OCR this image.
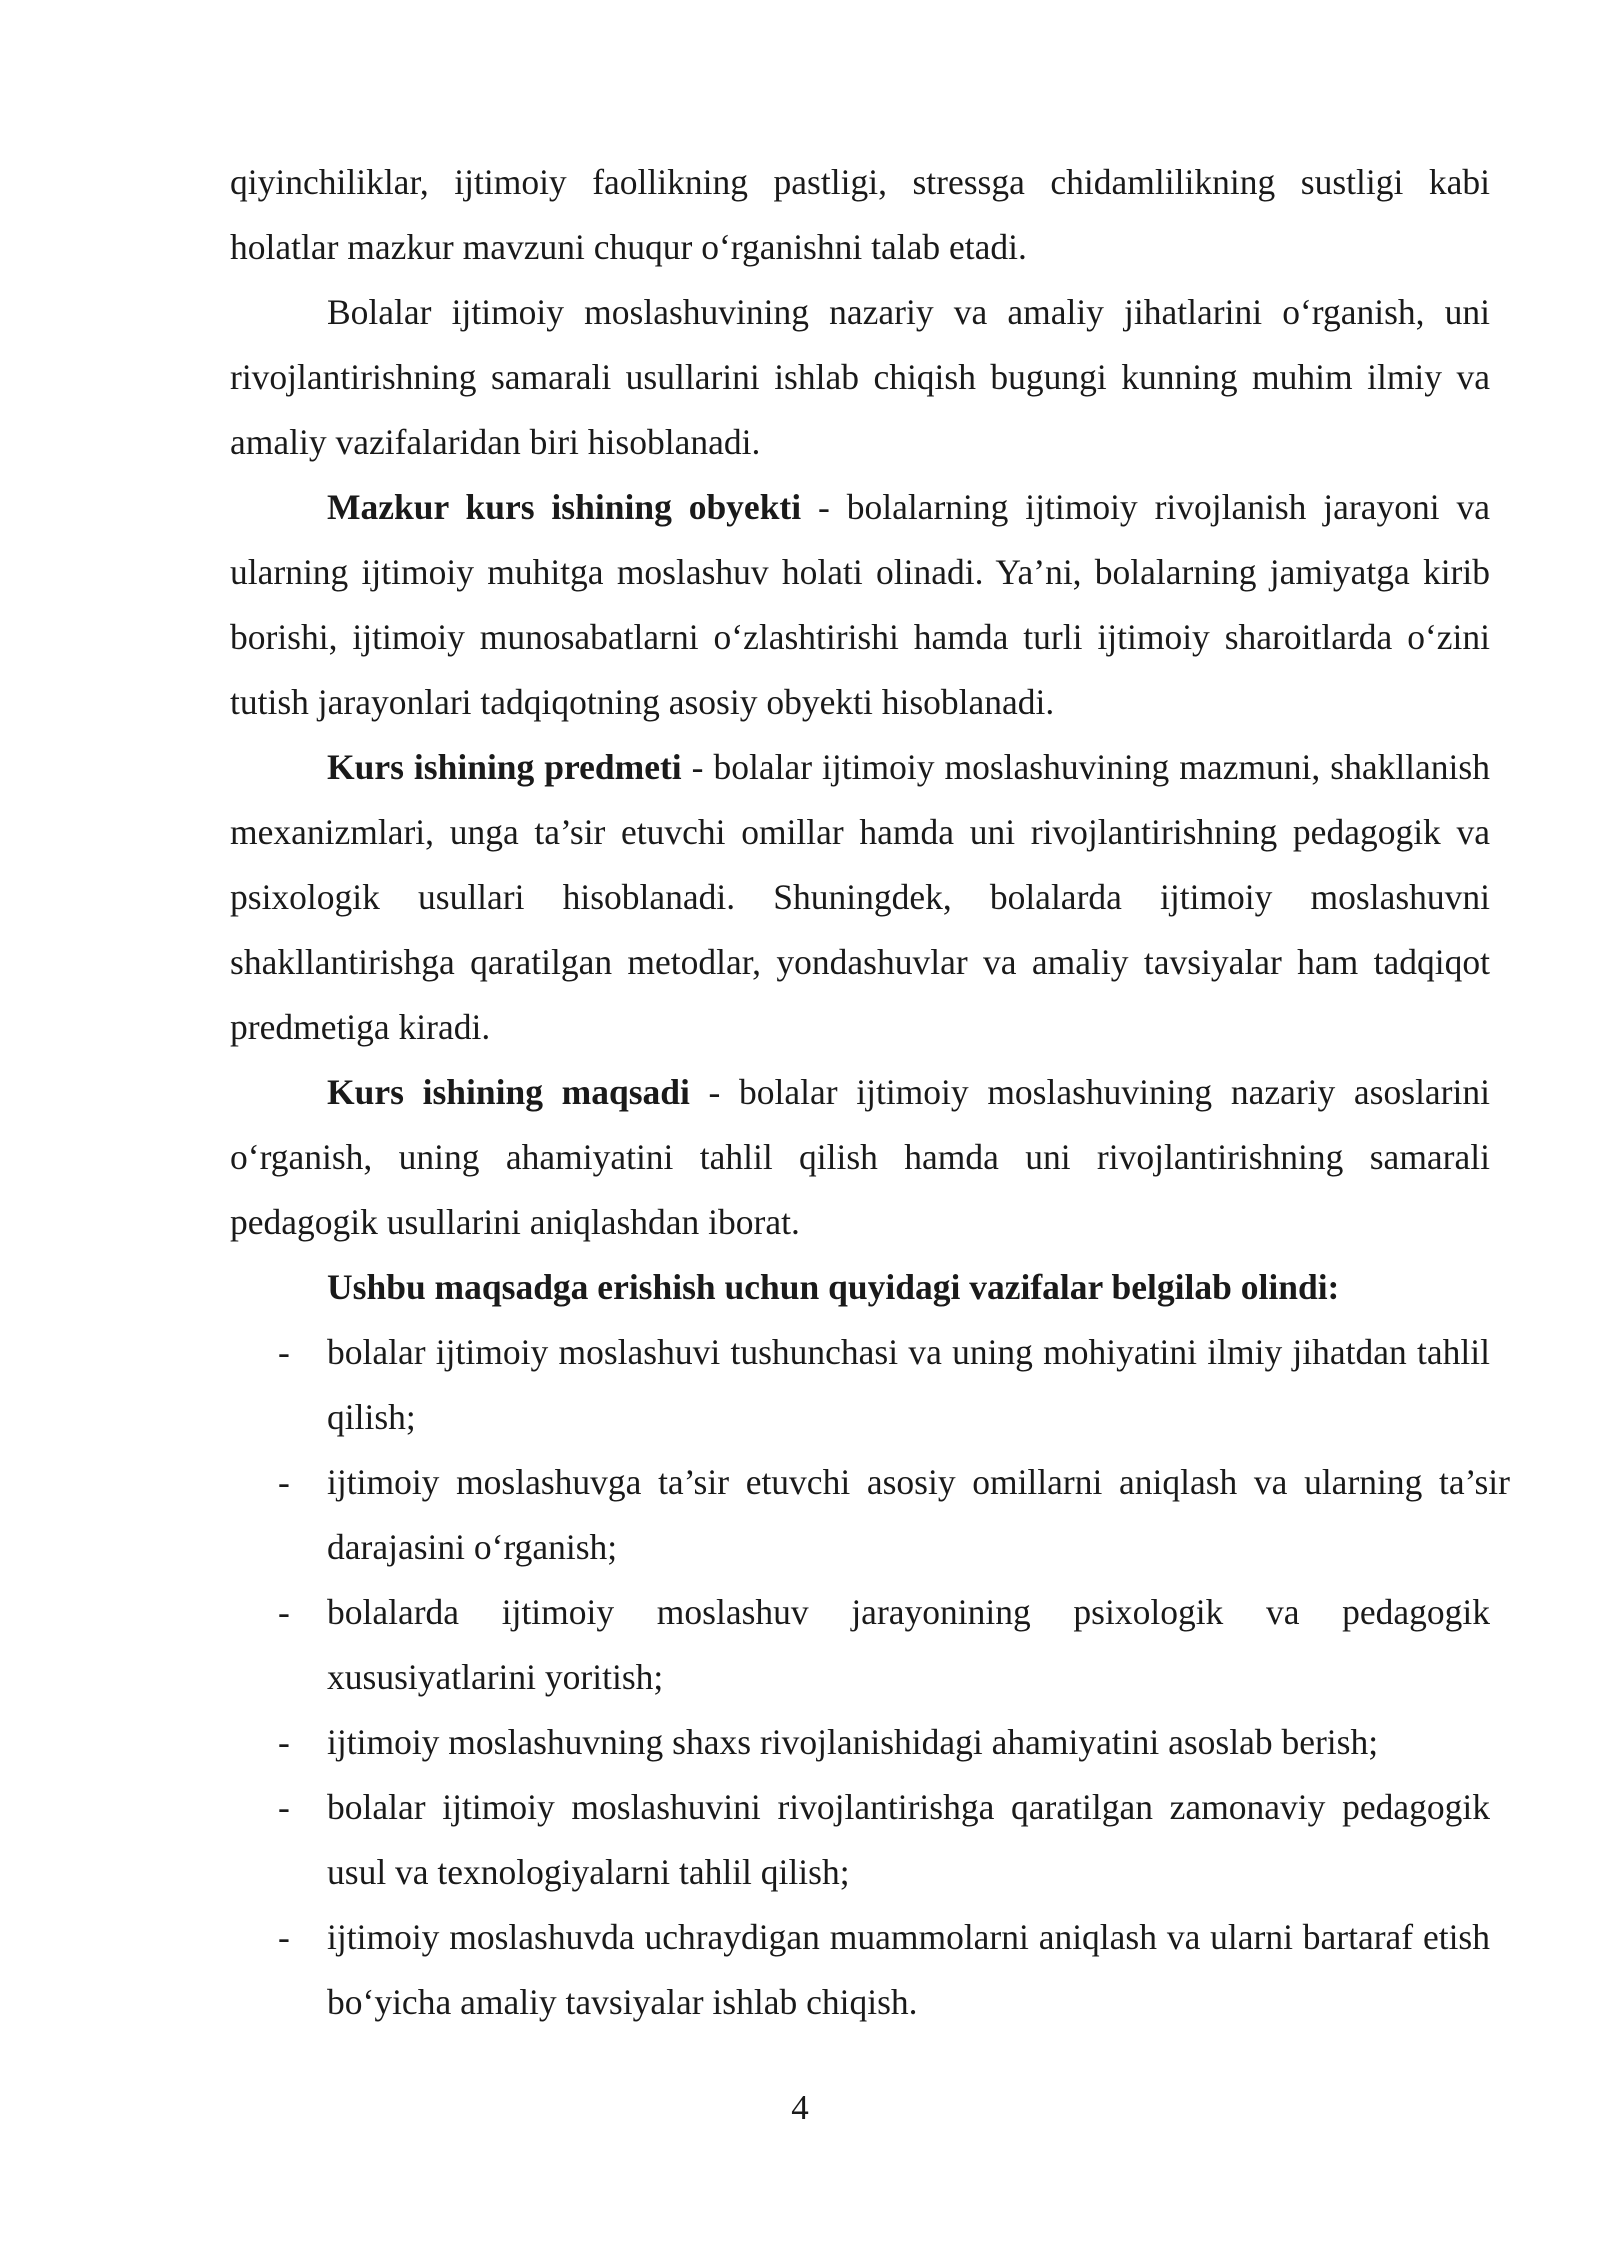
qiyinchiliklar, ijtimoiy faollikning pastligi, stressga chidamlilikning sustligi kabi holatlar mazkur mavzuni chuqur o‘rganishni talab etadi.

Bolalar ijtimoiy moslashuvining nazariy va amaliy jihatlarini o‘rganish, uni rivojlantirishning samarali usullarini ishlab chiqish bugungi kunning muhim ilmiy va amaliy vazifalaridan biri hisoblanadi.

Mazkur kurs ishining obyekti - bolalarning ijtimoiy rivojlanish jarayoni va ularning ijtimoiy muhitga moslashuv holati olinadi. Ya’ni, bolalarning jamiyatga kirib borishi, ijtimoiy munosabatlarni o‘zlashtirishi hamda turli ijtimoiy sharoitlarda o‘zini tutish jarayonlari tadqiqotning asosiy obyekti hisoblanadi.

Kurs ishining predmeti - bolalar ijtimoiy moslashuvining mazmuni, shakllanish mexanizmlari, unga ta’sir etuvchi omillar hamda uni rivojlantirishning pedagogik va psixologik usullari hisoblanadi. Shuningdek, bolalarda ijtimoiy moslashuvni shakllantirishga qaratilgan metodlar, yondashuvlar va amaliy tavsiyalar ham tadqiqot predmetiga kiradi.

Kurs ishining maqsadi - bolalar ijtimoiy moslashuvining nazariy asoslarini o‘rganish, uning ahamiyatini tahlil qilish hamda uni rivojlantirishning samarali pedagogik usullarini aniqlashdan iborat.

Ushbu maqsadga erishish uchun quyidagi vazifalar belgilab olindi:

- bolalar ijtimoiy moslashuvi tushunchasi va uning mohiyatini ilmiy jihatdan tahlil qilish;
- ijtimoiy moslashuvga ta’sir etuvchi asosiy omillarni aniqlash va ularning ta’sir darajasini o‘rganish;
- bolalarda ijtimoiy moslashuv jarayonining psixologik va pedagogik xususiyatlarini yoritish;
- ijtimoiy moslashuvning shaxs rivojlanishidagi ahamiyatini asoslab berish;
- bolalar ijtimoiy moslashuvini rivojlantirishga qaratilgan zamonaviy pedagogik usul va texnologiyalarni tahlil qilish;
- ijtimoiy moslashuvda uchraydigan muammolarni aniqlash va ularni bartaraf etish bo‘yicha amaliy tavsiyalar ishlab chiqish.
4
